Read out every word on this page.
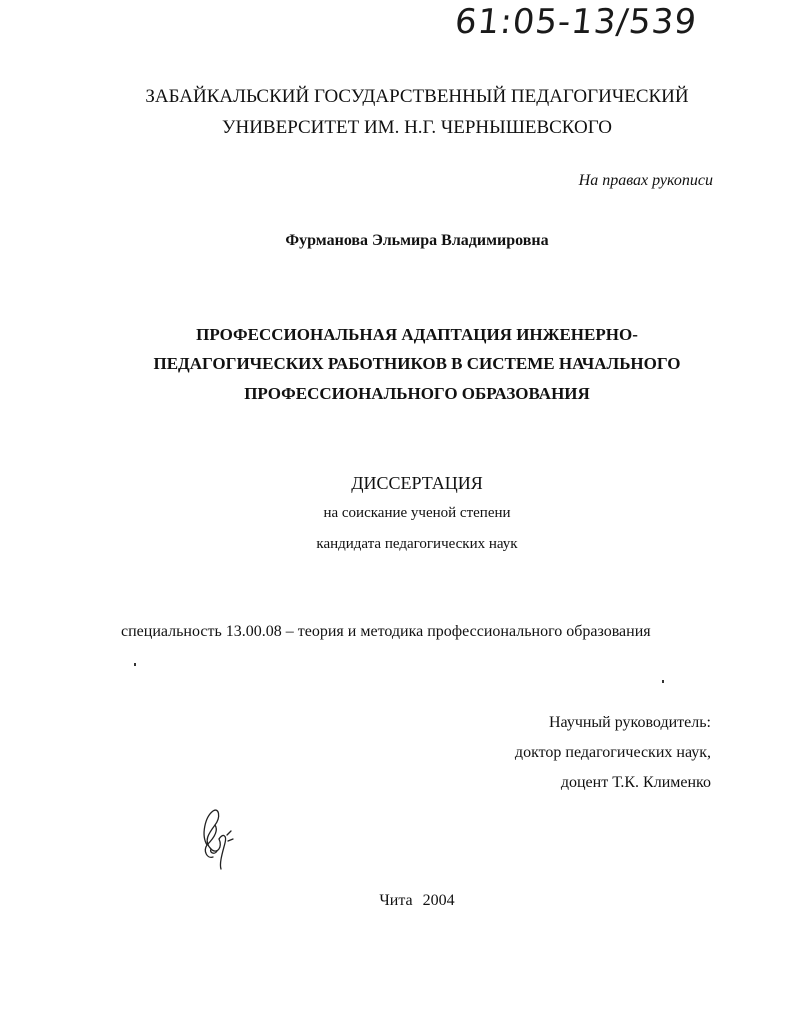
61:05-13/539
ЗАБАЙКАЛЬСКИЙ ГОСУДАРСТВЕННЫЙ ПЕДАГОГИЧЕСКИЙ
УНИВЕРСИТЕТ ИМ. Н.Г. ЧЕРНЫШЕВСКОГО
На правах рукописи
Фурманова Эльмира Владимировна
ПРОФЕССИОНАЛЬНАЯ АДАПТАЦИЯ ИНЖЕНЕРНО-
ПЕДАГОГИЧЕСКИХ РАБОТНИКОВ В СИСТЕМЕ НАЧАЛЬНОГО
ПРОФЕССИОНАЛЬНОГО ОБРАЗОВАНИЯ
ДИССЕРТАЦИЯ
на соискание ученой степени
кандидата педагогических наук
специальность 13.00.08 – теория и методика профессионального образования
Научный руководитель:
доктор педагогических наук,
доцент Т.К. Клименко
Чита 2004
